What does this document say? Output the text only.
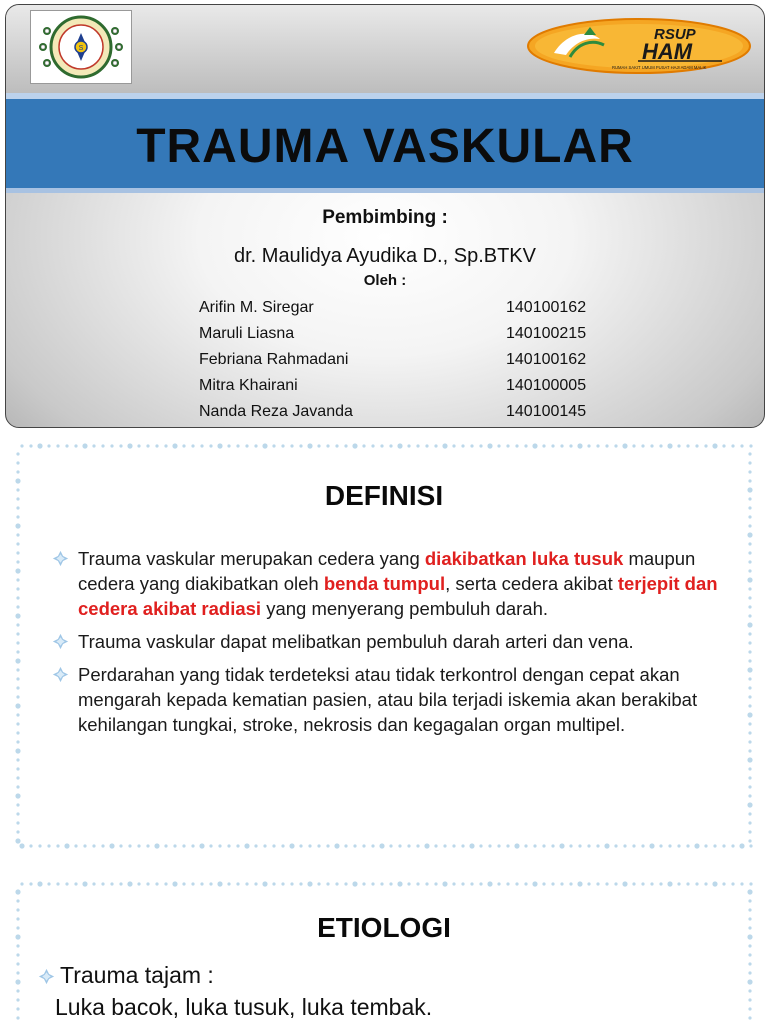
S
RSUP
HAM
RUMAH SAKIT UMUM PUSAT HAJI ADAM MALIK
TRAUMA VASKULAR
Pembimbing :
dr. Maulidya Ayudika D., Sp.BTKV
Oleh :
Arifin M. Siregar	140100162
Maruli Liasna	140100215
Febriana Rahmadani	140100162
Mitra Khairani	140100005
Nanda Reza Javanda	140100145
DEFINISI
Trauma vaskular merupakan cedera yang diakibatkan luka tusuk maupun cedera yang diakibatkan oleh benda tumpul, serta cedera akibat terjepit dan cedera akibat radiasi yang menyerang pembuluh darah.
Trauma vaskular dapat melibatkan pembuluh darah arteri dan vena.
Perdarahan yang tidak terdeteksi atau tidak terkontrol dengan cepat akan mengarah kepada kematian pasien, atau bila terjadi iskemia akan berakibat kehilangan tungkai, stroke, nekrosis dan kegagalan organ multipel.
ETIOLOGI
Trauma tajam :
Luka bacok, luka tusuk, luka tembak.
